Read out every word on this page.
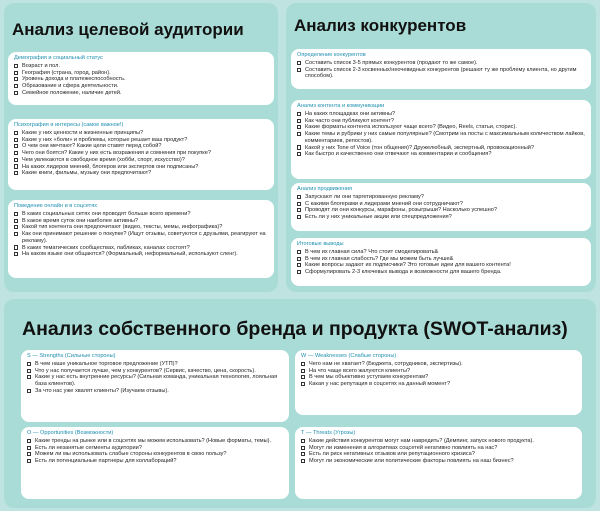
Анализ целевой аудитории
Демография и социальный статус
Возраст и пол.
География (страна, город, район).
Уровень дохода и платежеспособность.
Образование и сфера деятельности.
Семейное положение, наличие детей.
Психография и интересы (самое важное!)
Какие у них ценности и жизненные принципы?
Какие у них «боли» и проблемы, которые решает ваш продукт?
О чем они мечтают? Какие цели ставят перед собой?
Чего они боятся? Какие у них есть возражения и сомнения при покупке?
Чем увлекаются в свободное время (хобби, спорт, искусство)?
На каких лидеров мнений, блогеров или экспертов они подписаны?
Какие книги, фильмы, музыку они предпочитают?
Поведение онлайн и в соцсетях
В каких социальных сетях они проводят больше всего времени?
В какое время суток они наиболее активны?
Какой тип контента они предпочитают (видео, тексты, мемы, инфографика)?
Как они принимают решение о покупке? (Ищут отзывы, советуются с друзьями, реагируют на рекламу).
В каких тематических сообществах, пабликах, каналах состоят?
На каком языке они общаются? (Формальный, неформальный, используют сленг).
Анализ конкурентов
Определение конкурентов
Составить список 3-5 прямых конкурентов (продают то же самое).
Составить список 2-3 косвенных/неочевидных конкурентов (решают ту же проблему клиента, но другим способом).
Анализ контента и коммуникации
На каких площадках они активны?
Как часто они публикуют контент?
Какие форматы контента используют чаще всего? (Видео, Reels, статьи, сторис).
Какие темы и рубрики у них самые популярные? (Смотрим на посты с максимальным количеством лайков, комментариев, репостов).
Какой у них Tone of Voice (тон общения)? Дружелюбный, экспертный, провокационный?
Как быстро и качественно они отвечают на комментарии и сообщения?
Анализ продвижения
Запускают ли они таргетированную рекламу?
С какими блогерами и лидерами мнений они сотрудничают?
Проводят ли они конкурсы, марафоны, розыгрыши? Насколько успешно?
Есть ли у них уникальные акции или спецпредложения?
Итоговые выводы
В чем их главная сила? Что стоит смоделировать&
В чем их главная слабость? Где мы можем быть лучше&
Какие вопросы задают их подписчики? Это готовые идеи для вашего контента!
Сформулировать 2-3 ключевых вывода и возможности для вашего бренда.
Анализ собственного бренда и продукта (SWOT-анализ)
S — Strengths (Сильные стороны)
В чем наше уникальное торговое предложение (УТП)?
Что у нас получается лучше, чем у конкурентов? (Сервис, качество, цена, скорость).
Какие у нас есть внутренние ресурсы? (Сильная команда, уникальная технология, лояльная база клиентов).
За что нас уже хвалят клиенты? (Изучаем отзывы).
W — Weaknesses (Слабые стороны)
Чего нам не хватает? (Бюджета, сотрудников, экспертизы).
На что чаще всего жалуются клиенты?
В чем мы объективно уступаем конкурентам?
Какая у нас репутация в соцсетях на данный момент?
O — Opportunities (Возможности)
Какие тренды на рынке или в соцсетях мы можем использовать? (Новые форматы, темы).
Есть ли незанятые сегменты аудитории?
Можем ли мы использовать слабые стороны конкурентов в свою пользу?
Есть ли потенциальные партнеры для коллабораций?
T — Threats (Угрозы)
Какие действия конкурентов могут нам навредить? (Демпинг, запуск нового продукта).
Могут ли изменения в алгоритмах соцсетей негативно повлиять на нас?
Есть ли риск негативных отзывов или репутационного кризиса?
Могут ли экономические или политические факторы повлиять на наш бизнес?
